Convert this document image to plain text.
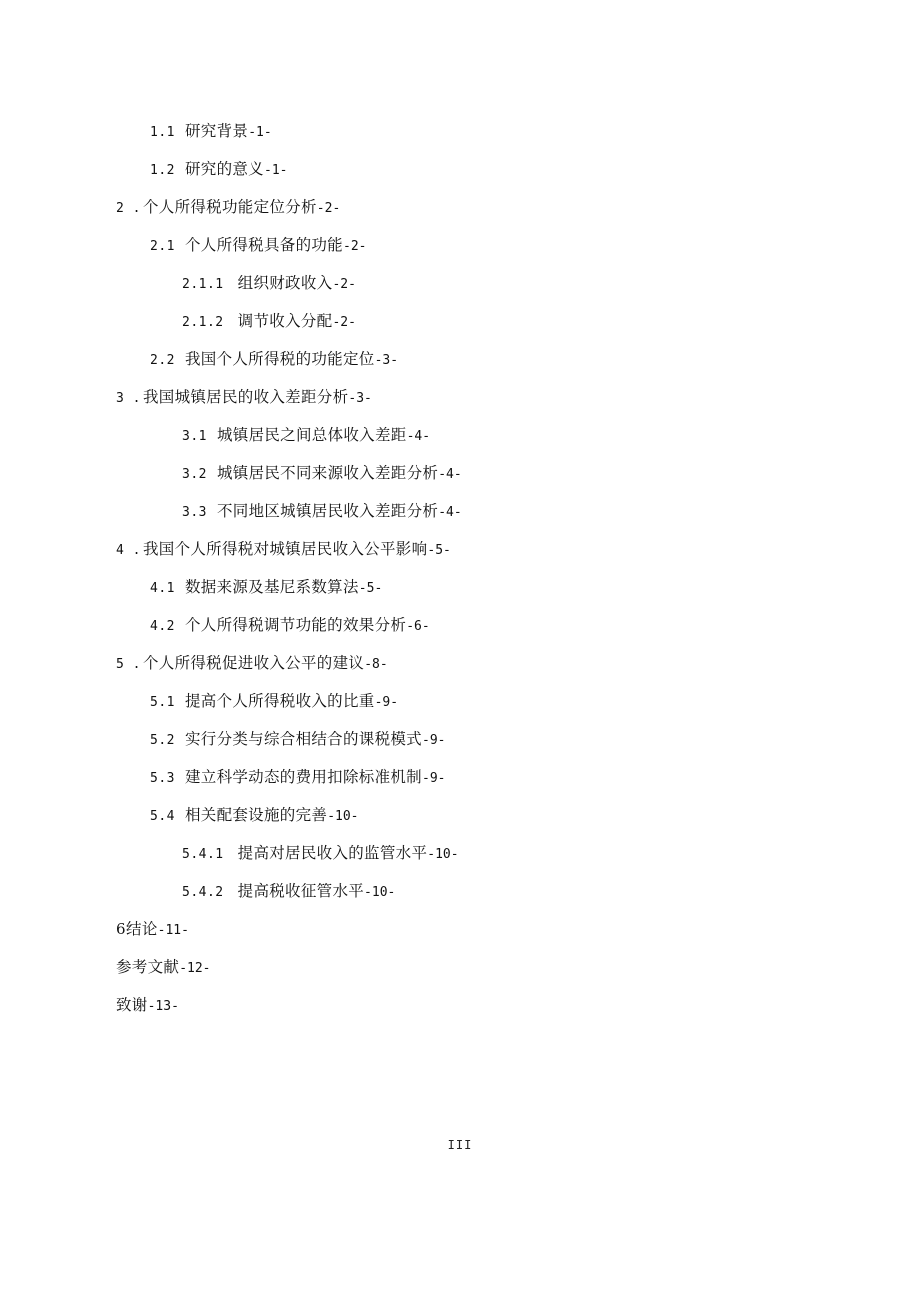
1.1 研究背景-1-
1.2 研究的意义-1-
2 . 个人所得税功能定位分析-2-
2.1 个人所得税具备的功能-2-
2.1.1 组织财政收入-2-
2.1.2 调节收入分配-2-
2.2 我国个人所得税的功能定位-3-
3 . 我国城镇居民的收入差距分析-3-
3.1 城镇居民之间总体收入差距-4-
3.2 城镇居民不同来源收入差距分析-4-
3.3 不同地区城镇居民收入差距分析-4-
4 . 我国个人所得税对城镇居民收入公平影响-5-
4.1 数据来源及基尼系数算法-5-
4.2 个人所得税调节功能的效果分析-6-
5 . 个人所得税促进收入公平的建议-8-
5.1 提高个人所得税收入的比重-9-
5.2 实行分类与综合相结合的课税模式-9-
5.3 建立科学动态的费用扣除标准机制-9-
5.4 相关配套设施的完善-10-
5.4.1 提高对居民收入的监管水平-10-
5.4.2 提高税收征管水平-10-
6结论-11-
参考文献-12-
致谢-13-
III
